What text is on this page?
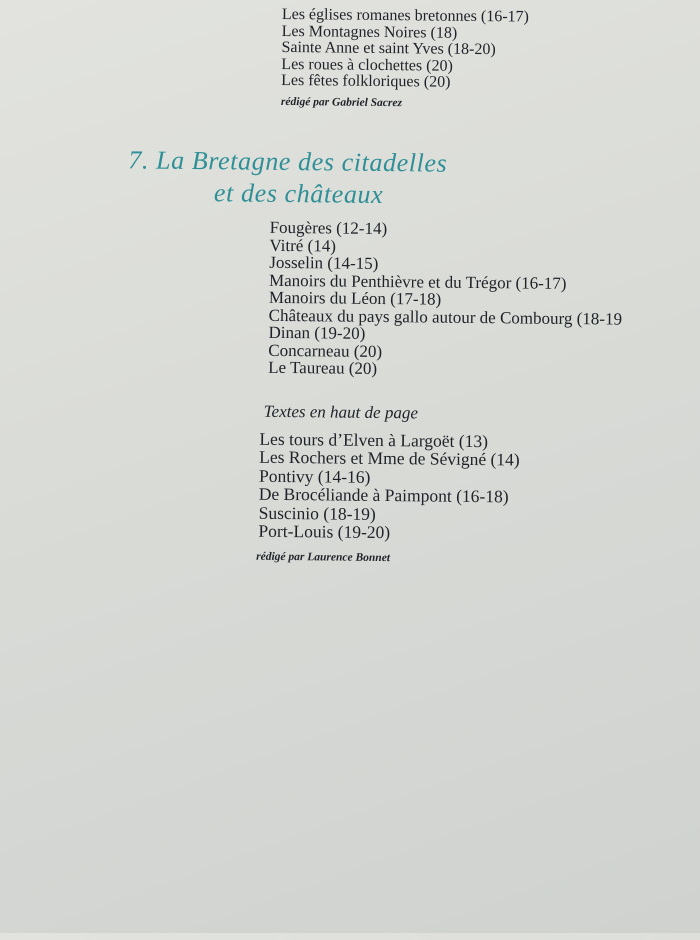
Les églises romanes bretonnes (16-17)
Les Montagnes Noires (18)
Sainte Anne et saint Yves (18-20)
Les roues à clochettes (20)
Les fêtes folkloriques (20)
rédigé par Gabriel Sacrez
7. La Bretagne des citadelles
et des châteaux
Fougères (12-14)
Vitré (14)
Josselin (14-15)
Manoirs du Penthièvre et du Trégor (16-17)
Manoirs du Léon (17-18)
Châteaux du pays gallo autour de Combourg (18-19
Dinan (19-20)
Concarneau (20)
Le Taureau (20)
Textes en haut de page
Les tours d’Elven à Largoët (13)
Les Rochers et Mme de Sévigné (14)
Pontivy (14-16)
De Brocéliande à Paimpont (16-18)
Suscinio (18-19)
Port-Louis (19-20)
rédigé par Laurence Bonnet
